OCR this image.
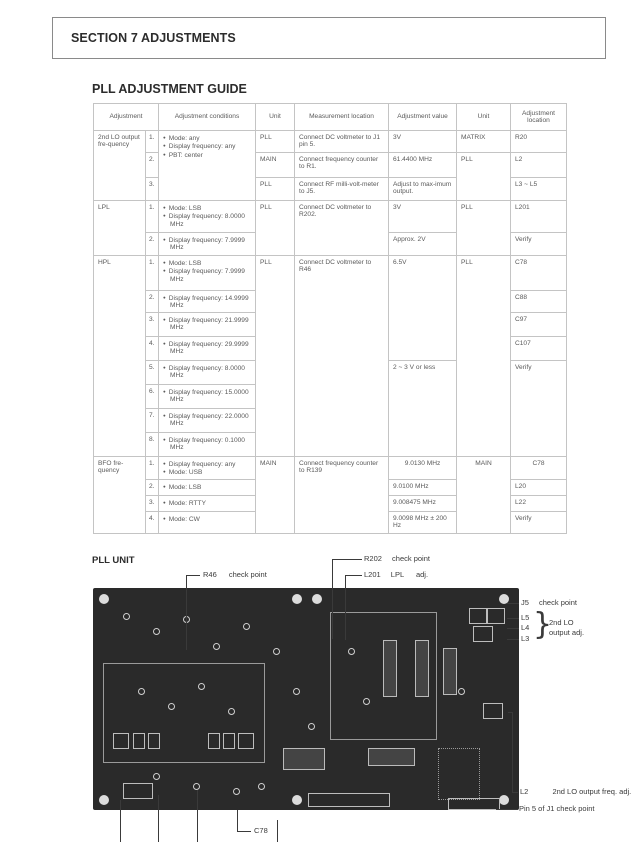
SECTION 7 ADJUSTMENTS
PLL ADJUSTMENT GUIDE
Adjustment		Adjustment conditions	Unit	Measurement location	Adjustment value	Unit	Adjustment location
2nd LO output fre-quency	1.	● Mode: any
● Display frequency: any
● PBT: center	PLL	Connect DC voltmeter to J1 pin 5.	3V	MATRIX	R20
	2.		MAIN	Connect frequency counter to R1.	61.4400 MHz	PLL	L2
	3.		PLL	Connect RF milli-volt-meter to J5.	Adjust to max-imum output.		L3 ~ L5
LPL	1.	● Mode: LSB
● Display frequency: 8.0000 MHz	PLL	Connect DC voltmeter to R202.	3V	PLL	L201
	2.	● Display frequency: 7.9999 MHz			Approx. 2V		Verify
HPL	1.	● Mode: LSB
● Display frequency: 7.9999 MHz	PLL	Connect DC voltmeter to R46	6.5V	PLL	C78
	2.	● Display frequency: 14.9999 MHz					C88
	3.	● Display frequency: 21.9999 MHz					C97
	4.	● Display frequency: 29.9999 MHz					C107
	5.	● Display frequency: 8.0000 MHz			2 ~ 3 V or less		Verify
	6.	● Display frequency: 15.0000 MHz

	7.	● Display frequency: 22.0000 MHz

	8.	● Display frequency: 0.1000 MHz

BFO fre-quency	1.	● Display frequency: any
● Mode: USB	MAIN	Connect frequency counter to R139	9.0130 MHz	MAIN	C78
	2.	● Mode: LSB			9.0100 MHz		L20
	3.	● Mode: RTTY			9.008475 MHz		L22
	4.	● Mode: CW			9.0098 MHz ± 200 Hz		Verify
PLL UNIT
R46 check point
R202 check point
L201 LPL adj.
J5 check point
L5
L4
L3 }
2nd LO
output adj.
L2	2nd LO output freq. adj.
Pin 5 of J1 check point
C78
